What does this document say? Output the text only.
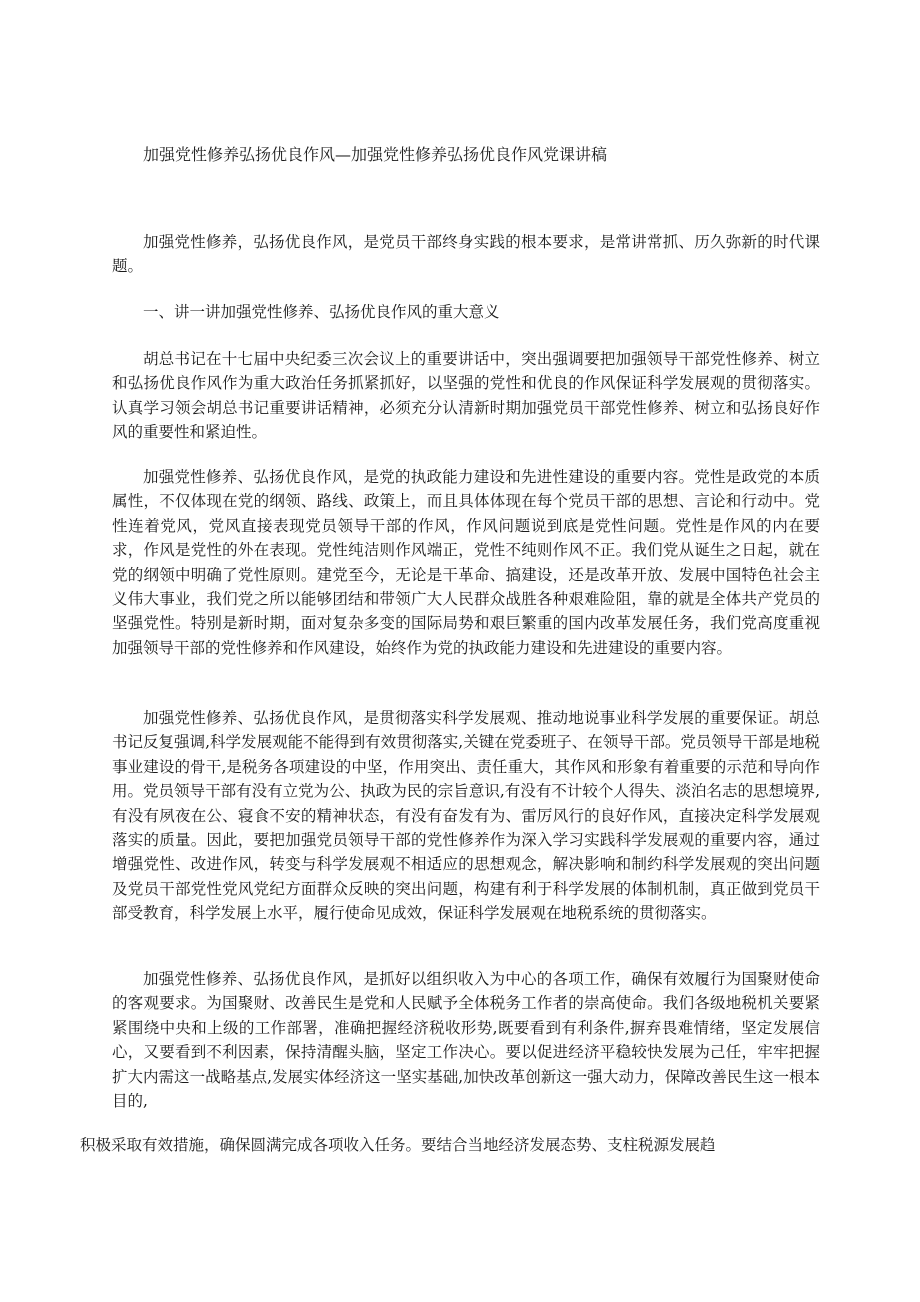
加强党性修养弘扬优良作风—加强党性修养弘扬优良作风党课讲稿

加强党性修养，弘扬优良作风，是党员干部终身实践的根本要求，是常讲常抓、历久弥新的时代课题。

一、讲一讲加强党性修养、弘扬优良作风的重大意义

胡总书记在十七届中央纪委三次会议上的重要讲话中，突出强调要把加强领导干部党性修养、树立和弘扬优良作风作为重大政治任务抓紧抓好，以坚强的党性和优良的作风保证科学发展观的贯彻落实。认真学习领会胡总书记重要讲话精神，必须充分认清新时期加强党员干部党性修养、树立和弘扬良好作风的重要性和紧迫性。

加强党性修养、弘扬优良作风，是党的执政能力建设和先进性建设的重要内容。党性是政党的本质属性，不仅体现在党的纲领、路线、政策上，而且具体体现在每个党员干部的思想、言论和行动中。党性连着党风，党风直接表现党员领导干部的作风，作风问题说到底是党性问题。党性是作风的内在要求，作风是党性的外在表现。党性纯洁则作风端正，党性不纯则作风不正。我们党从诞生之日起，就在党的纲领中明确了党性原则。建党至今，无论是干革命、搞建设，还是改革开放、发展中国特色社会主义伟大事业，我们党之所以能够团结和带领广大人民群众战胜各种艰难险阻，靠的就是全体共产党员的坚强党性。特别是新时期，面对复杂多变的国际局势和艰巨繁重的国内改革发展任务，我们党高度重视加强领导干部的党性修养和作风建设，始终作为党的执政能力建设和先进建设的重要内容。

加强党性修养、弘扬优良作风，是贯彻落实科学发展观、推动地说事业科学发展的重要保证。胡总书记反复强调,科学发展观能不能得到有效贯彻落实,关键在党委班子、在领导干部。党员领导干部是地税事业建设的骨干,是税务各项建设的中坚，作用突出、责任重大，其作风和形象有着重要的示范和导向作用。党员领导干部有没有立党为公、执政为民的宗旨意识,有没有不计较个人得失、淡泊名志的思想境界,有没有夙夜在公、寝食不安的精神状态，有没有奋发有为、雷厉风行的良好作风，直接决定科学发展观落实的质量。因此，要把加强党员领导干部的党性修养作为深入学习实践科学发展观的重要内容，通过增强党性、改进作风，转变与科学发展观不相适应的思想观念，解决影响和制约科学发展观的突出问题及党员干部党性党风党纪方面群众反映的突出问题，构建有利于科学发展的体制机制，真正做到党员干部受教育，科学发展上水平，履行使命见成效，保证科学发展观在地税系统的贯彻落实。

加强党性修养、弘扬优良作风，是抓好以组织收入为中心的各项工作，确保有效履行为国聚财使命的客观要求。为国聚财、改善民生是党和人民赋予全体税务工作者的崇高使命。我们各级地税机关要紧紧围绕中央和上级的工作部署，准确把握经济税收形势,既要看到有利条件,摒弃畏难情绪，坚定发展信心，又要看到不利因素，保持清醒头脑，坚定工作决心。要以促进经济平稳较快发展为己任，牢牢把握扩大内需这一战略基点,发展实体经济这一坚实基础,加快改革创新这一强大动力，保障改善民生这一根本目的,

积极采取有效措施，确保圆满完成各项收入任务。要结合当地经济发展态势、支柱税源发展趋
